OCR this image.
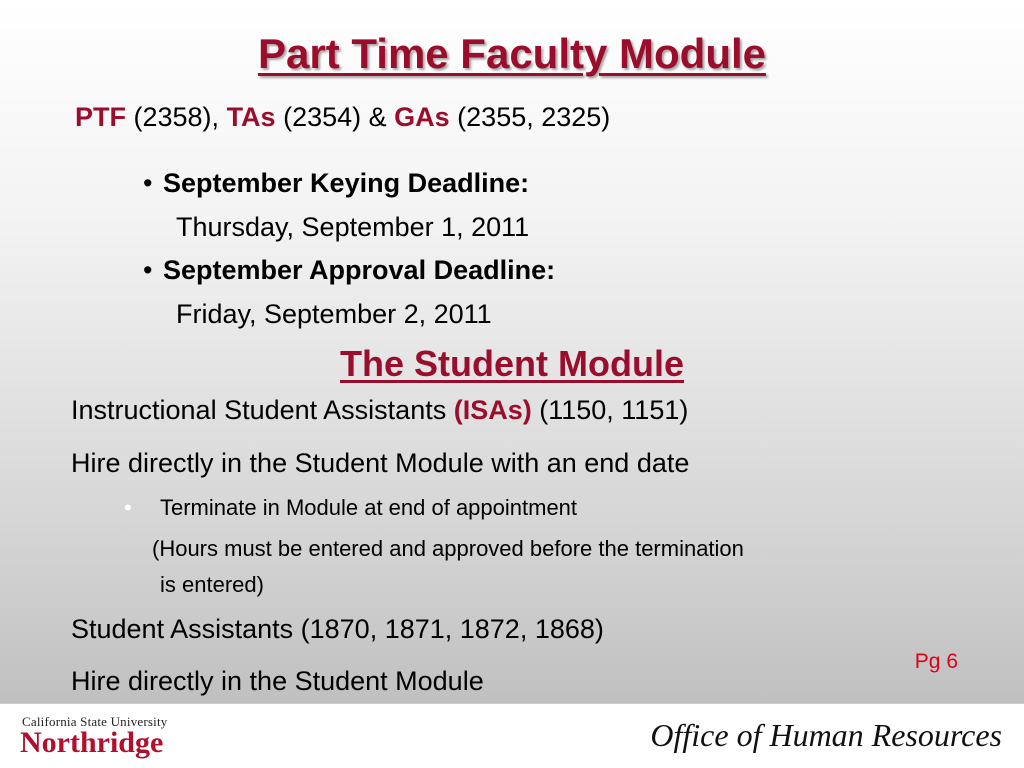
Part Time Faculty Module
PTF (2358), TAs (2354) & GAs (2355, 2325)
• September Keying Deadline:
Thursday, September 1, 2011
• September Approval Deadline:
Friday, September 2, 2011
The Student Module
Instructional Student Assistants (ISAs) (1150, 1151)
Hire directly in the Student Module with an end date
• Terminate in Module at end of appointment
(Hours must be entered and approved before the termination
is entered)
Student Assistants (1870, 1871, 1872, 1868)
Hire directly in the Student Module
Pg 6
California State University
Northridge	Office of Human Resources
